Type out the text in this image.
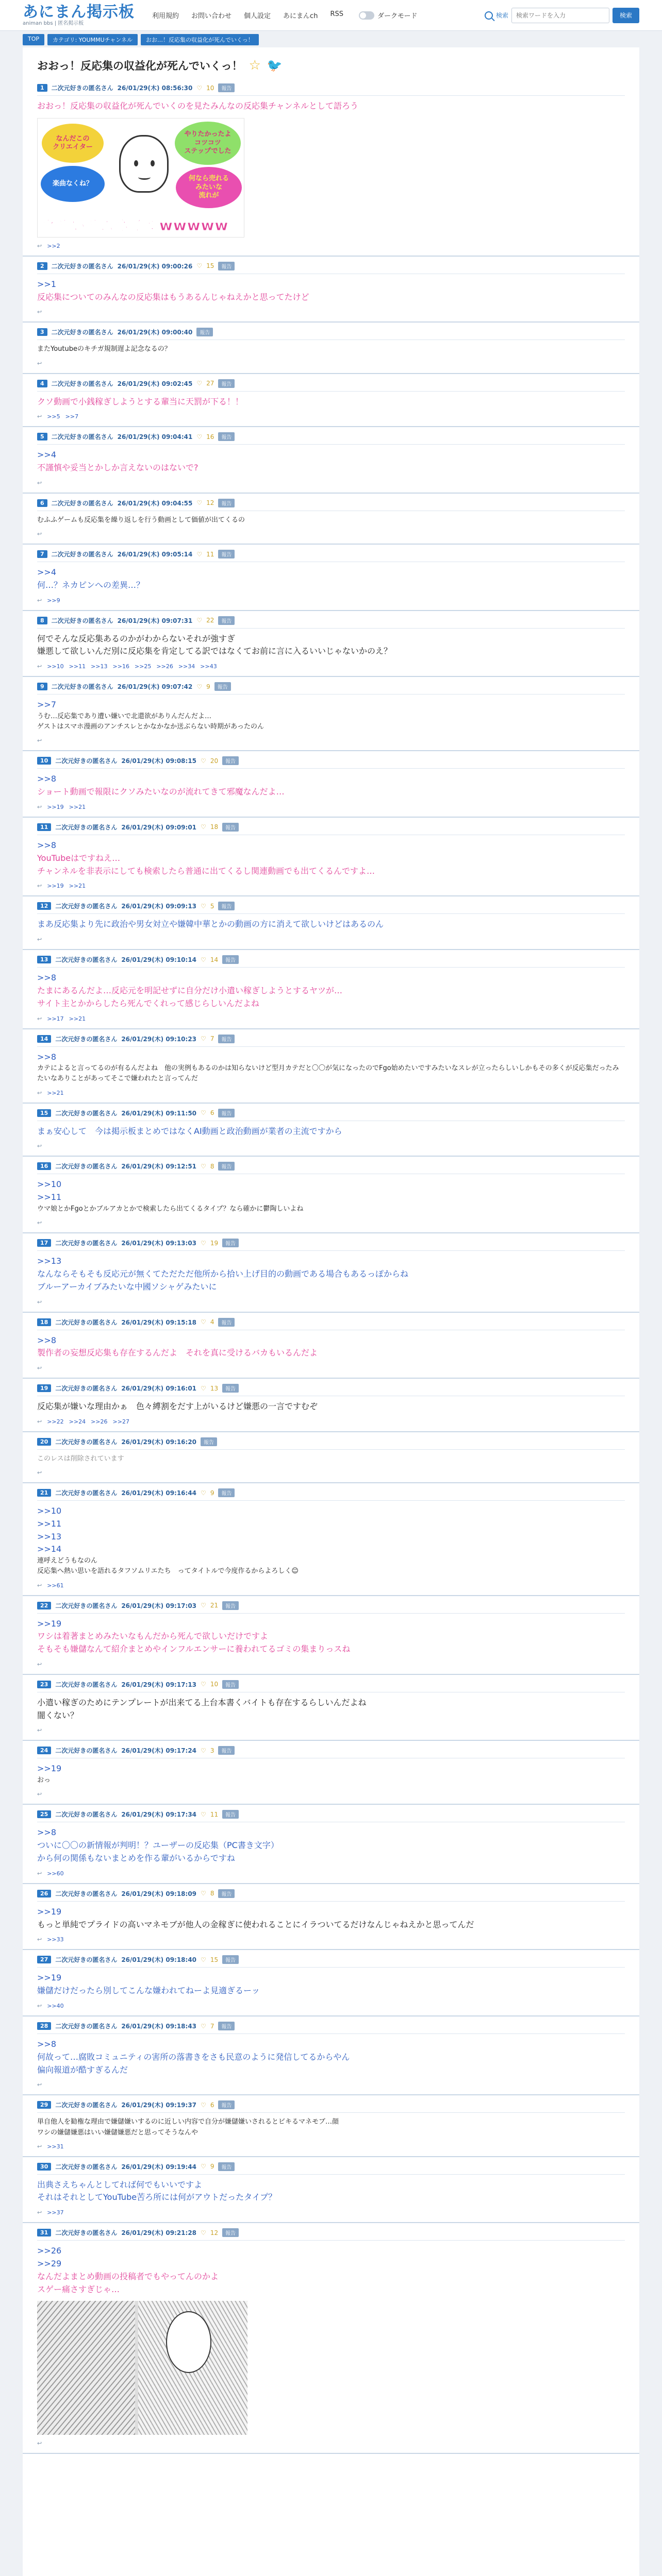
あにまん掲示板
animan bbs | 匿名掲示板
利用規約 お問い合わせ 個人設定 あにまんch RSS	ダークモード	検索
検索ワードを入力	検索
TOP	カテゴリ: YOUMMUチャンネル	おお…！反応集の収益化が死んでいくっ！
おおっ！反応集の収益化が死んでいくっ！ ☆ 🐦
1	二次元好きの匿名さん 26/01/29(木) 08:56:30 ♡ 10	報告
おおっ！反応集の収益化が死んでいくのを見たみんなの反応集チャンネルとして語ろう
なんだこの
クリエイター
やりたかったよ
コツコツ
ステップでした
楽曲なくね？
何なら売れる
みたいな
流れが
ウザいサムネイルwwwww
↩ >>2
2	二次元好きの匿名さん 26/01/29(木) 09:00:26 ♡ 15	報告
>>1
反応集についてのみんなの反応集はもうあるんじゃねえかと思ってたけど
↩
3	二次元好きの匿名さん 26/01/29(木) 09:00:40	報告
またYoutubeのキチガ規制遅よ記念なるの？
↩
4	二次元好きの匿名さん 26/01/29(木) 09:02:45 ♡ 27	報告
クソ動画で小銭稼ぎしようとする輩当に天罰が下る！！
↩ >>5 >>7
5	二次元好きの匿名さん 26/01/29(木) 09:04:41 ♡ 16	報告
>>4
不謹慎や妥当とかしか言えないのはないで?
↩
6	二次元好きの匿名さん 26/01/29(木) 09:04:55 ♡ 12	報告
むふふゲームも反応集を繰り返しを行う動画として価値が出てくるの
↩
7	二次元好きの匿名さん 26/01/29(木) 09:05:14 ♡ 11	報告
>>4
何…？ネカピンへの差異…？
↩ >>9
8	二次元好きの匿名さん 26/01/29(木) 09:07:31 ♡ 22	報告
何でそんな反応集あるのかがわからないそれが強すぎ
嫌悪して欲しいんだ別に反応集を肯定してる訳ではなくてお前に言に入るいいじゃないかのえ？
↩ >>10 >>11 >>13 >>16 >>25 >>26 >>34 >>43
9	二次元好きの匿名さん 26/01/29(木) 09:07:42 ♡ 9	報告
>>7
うむ…反応集であり遭い嫌いで北還欲がありんだんだよ…
ゲストはスマホ漫画のアンチスレとかなかなか送ぶらない時期があったのん
↩
10	二次元好きの匿名さん 26/01/29(木) 09:08:15 ♡ 20	報告
>>8
ショート動画で報限にクソみたいなのが流れてきて邪魔なんだよ…
↩ >>19 >>21
11	二次元好きの匿名さん 26/01/29(木) 09:09:01 ♡ 18	報告
>>8
YouTubeはですねえ…
チャンネルを非表示にしても検索したら普通に出てくるし関連動画でも出てくるんですよ…
↩ >>19 >>21
12	二次元好きの匿名さん 26/01/29(木) 09:09:13 ♡ 5	報告
まあ反応集より先に政治や男女対立や嫌韓中華とかの動画の方に消えて欲しいけどはあるのん
↩
13	二次元好きの匿名さん 26/01/29(木) 09:10:14 ♡ 14	報告
>>8
たまにあるんだよ…反応元を明記せずに自分だけ小遣い稼ぎしようとするヤツが…
サイト主とかからしたら死んでくれって感じらしいんだよね
↩ >>17 >>21
14	二次元好きの匿名さん 26/01/29(木) 09:10:23 ♡ 7	報告
>>8
カテによると言ってるのが有るんだよね　他の実例もあるのかは知らないけど型月カテだと〇〇が気になったのでFgo始めたいですみたいなスレが立ったらしいしかもその多くが反応集だったみたいなありことがあってそこで嫌われたと言ってんだ
↩ >>21
15	二次元好きの匿名さん 26/01/29(木) 09:11:50 ♡ 6	報告
まぁ安心して　今は掲示板まとめではなくAI動画と政治動画が業者の主流ですから
↩
16	二次元好きの匿名さん 26/01/29(木) 09:12:51 ♡ 8	報告
>>10
>>11
ウマ娘とかFgoとかブルアカとかで検索したら出てくるタイプ？なら確かに鬱陶しいよね
↩
17	二次元好きの匿名さん 26/01/29(木) 09:13:03 ♡ 19	報告
>>13
なんならそもそも反応元が無くてただただ他所から拾い上げ目的の動画である場合もあるっぽからね
ブルーアーカイブみたいな中國ソシャゲみたいに
↩
18	二次元好きの匿名さん 26/01/29(木) 09:15:18 ♡ 4	報告
>>8
製作者の妄想反応集も存在するんだよ　それを真に受けるバカもいるんだよ
↩
19	二次元好きの匿名さん 26/01/29(木) 09:16:01 ♡ 13	報告
反応集が嫌いな理由かぁ　色々縛割をだす上がいるけど嫌悪の一言ですむぞ
↩ >>22 >>24 >>26 >>27
20	二次元好きの匿名さん 26/01/29(木) 09:16:20	報告
このレスは削除されています
↩
21	二次元好きの匿名さん 26/01/29(木) 09:16:44 ♡ 9	報告
>>10
>>11
>>13
>>14
連呼えどうもなのん
反応集へ熱い思いを語れるタフソムリエたち　ってタイトルで今度作るからよろしく☺
↩ >>61
22	二次元好きの匿名さん 26/01/29(木) 09:17:03 ♡ 21	報告
>>19
ワシは着著まとめみたいなもんだから死んで欲しいだけですよ
そもそも嫌儲なんて紹介まとめやインフルエンサーに養われてるゴミの集まりっスね
↩
23	二次元好きの匿名さん 26/01/29(木) 09:17:13 ♡ 10	報告
小遣い稼ぎのためにテンプレートが出来てる上台本書くバイトも存在するらしいんだよね
闇くない？
↩
24	二次元好きの匿名さん 26/01/29(木) 09:17:24 ♡ 3	報告
>>19
おっ
↩
25	二次元好きの匿名さん 26/01/29(木) 09:17:34 ♡ 11	報告
>>8
ついに〇〇の新情報が判明！？ユーザーの反応集（PC書き文字）
から何の関係もないまとめを作る輩がいるからですね
↩ >>60
26	二次元好きの匿名さん 26/01/29(木) 09:18:09 ♡ 8	報告
>>19
もっと単純でプライドの高いマネモブが他人の金稼ぎに使われることにイラついてるだけなんじゃねえかと思ってんだ
↩ >>33
27	二次元好きの匿名さん 26/01/29(木) 09:18:40 ♡ 15	報告
>>19
嫌儲だけだったら別してこんな嫌われてねーよ見適ぎるーッ
↩ >>40
28	二次元好きの匿名さん 26/01/29(木) 09:18:43 ♡ 7	報告
>>8
何故って…腐敗コミュニティの害所の落書きをさも民意のように発信してるからやん
偏向報道が酷すぎるんだ
↩
29	二次元好きの匿名さん 26/01/29(木) 09:19:37 ♡ 6	報告
単自他人を勧権な理由で嫌儲嫌いするのに近しい内容で自分が嫌儲嫌いされるとビキるマネモブ…顔
ワシの嫌儲嫌悪はいい嫌儲嫌悪だと思ってそうなんや
↩ >>31
30	二次元好きの匿名さん 26/01/29(木) 09:19:44 ♡ 9	報告
出典さえちゃんとしてれば何でもいいですよ
それはそれとしてYouTube苦ろ所には何がアウトだったタイプ？
↩ >>37
31	二次元好きの匿名さん 26/01/29(木) 09:21:28 ♡ 12	報告
>>26
>>29
なんだよまとめ動画の投稿者でもやってんのかよ
スゲー痛さすぎじゃ…
↩
